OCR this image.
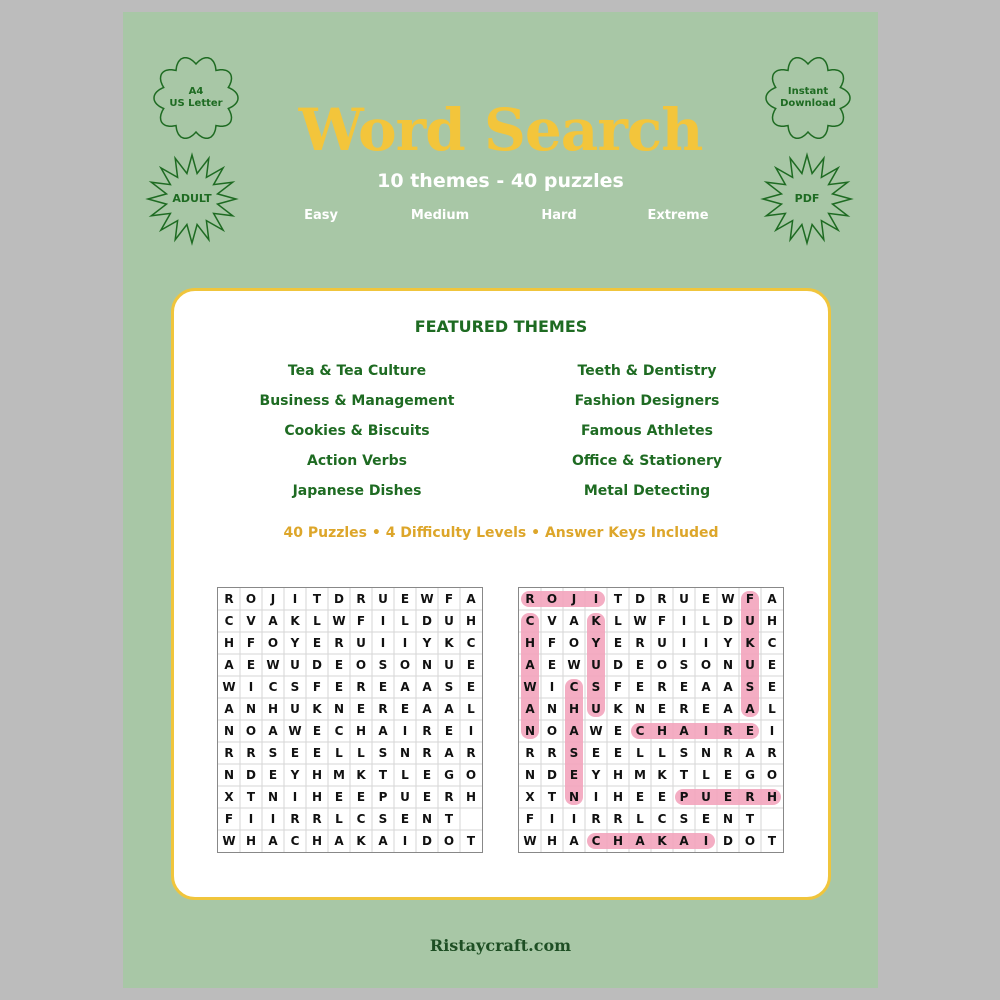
A4
US Letter
Instant
Download
ADULT	PDF
Word Search
10 themes - 40 puzzles
Easy	Medium	Hard	Extreme
FEATURED THEMES
Tea & Tea Culture
Business & Management
Cookies & Biscuits
Action Verbs
Japanese Dishes
Teeth & Dentistry
Fashion Designers
Famous Athletes
Office & Stationery
Metal Detecting
40 Puzzles • 4 Difficulty Levels • Answer Keys Included
R	O	J	I	T	D	R	U	E W F	A
C	V	A	K	L W F	I	L	D	U	H
H	F	O	Y	E	R	U	I	I	Y	K	C
A	E W U	D	E	O	S	O N	U	E
W	I	C	S	F	E	R	E	A	A	S	E
A	N H	U	K	N	E	R	E	A	A	L
N O	A W E	C	H	A	I	R	E	I
R	R	S	E	E	L	L	S	N	R	A	R
N	D	E	Y	H M K	T	L	E	G O
X	T	N	I	H	E	E	P	U	E	R	H
F	I	I	R	R	L	C	S	E	N	T
W H	A	C	H	A	K	A	I	D O	T
R	O	J	I	T	D	R	U	E W F	A
C	V	A	K	L W F	I	L	D	U	H
H	F	O	Y	E	R	U	I	I	Y	K	C
A	E W U	D	E	O	S	O N	U	E
W	I	C	S	F	E	R	E	A	A	S	E
A	N H	U	K	N	E	R	E	A	A	L
N O	A W E	C	H	A	I	R	E	I
R	R	S	E	E	L	L	S	N	R	A	R
N	D	E	Y	H M K	T	L	E	G O
X	T	N	I	H	E	E	P	U	E	R	H
F	I	I	R	R	L	C	S	E	N	T
W H	A	C	H	A	K	A	I	D O	T
Ristaycraft.com
